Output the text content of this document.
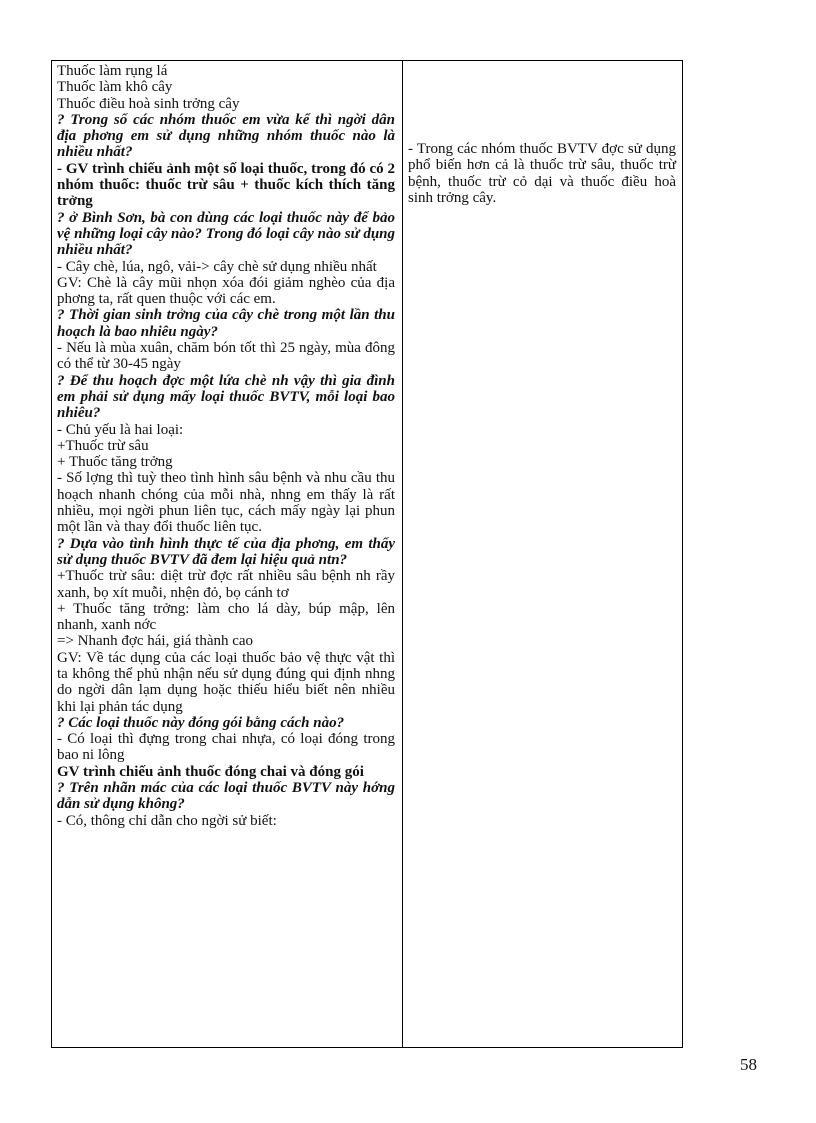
Thuốc làm rụng lá
Thuốc làm khô cây
Thuốc điều hoà sinh trởng cây
? Trong số các nhóm thuốc em vừa kể thì ngời dân địa phơng em sử dụng những nhóm thuốc nào là nhiều nhất?
- GV trình chiếu ảnh một số loại thuốc, trong đó có 2 nhóm thuốc: thuốc trừ sâu + thuốc kích thích tăng trởng
? ở Bình Sơn, bà con dùng các loại thuốc này để bảo vệ những loại cây nào? Trong đó loại cây nào sử dụng nhiều nhất?
- Cây chè, lúa, ngô, vải-> cây chè sử dụng nhiều nhất
GV: Chè là cây mũi nhọn xóa đói giảm nghèo của địa phơng ta, rất quen thuộc với các em.
? Thời gian sinh trởng của cây chè trong một lần thu hoạch là bao nhiêu ngày?
- Nếu là mùa xuân, chăm bón tốt thì 25 ngày, mùa đông có thể từ 30-45 ngày
? Để thu hoạch đợc một lứa chè nh vậy thì gia đình em phải sử dụng mấy loại thuốc BVTV, mỗi loại bao nhiêu?
- Chủ yếu là hai loại:
+Thuốc trừ sâu
+ Thuốc tăng trởng
- Số lợng thì tuỳ theo tình hình sâu bệnh và nhu cầu thu hoạch nhanh chóng của mỗi nhà, nhng em thấy là rất nhiều, mọi ngời phun liên tục, cách mấy ngày lại phun một lần và thay đổi thuốc liên tục.
? Dựa vào tình hình thực tế của địa phơng, em thấy sử dụng thuốc BVTV đã đem lại hiệu quả ntn?
+Thuốc trừ sâu: diệt trừ đợc rất nhiều sâu bệnh nh rầy xanh, bọ xít muỗi, nhện đỏ, bọ cánh tơ
+ Thuốc tăng trởng: làm cho lá dày, búp mập, lên nhanh, xanh nớc
=> Nhanh đợc hái, giá thành cao
GV: Về tác dụng của các loại thuốc bảo vệ thực vật thì ta không thể phủ nhận nếu sử dụng đúng qui định nhng do ngời dân lạm dụng hoặc thiếu hiểu biết nên nhiều khi lại phản tác dụng
? Các loại thuốc này đóng gói bằng cách nào?
- Có loại thì đựng trong chai nhựa, có loại đóng trong bao ni lông
GV trình chiếu ảnh thuốc đóng chai và đóng gói
? Trên nhãn mác của các loại thuốc BVTV này hớng dẫn sử dụng không?
- Có, thông chỉ dẫn cho ngời sử biết:
- Trong các nhóm thuốc BVTV đợc sử dụng phổ biến hơn cả là thuốc trừ sâu, thuốc trừ bệnh, thuốc trừ cỏ dại và thuốc điều hoà sinh trởng cây.
58
